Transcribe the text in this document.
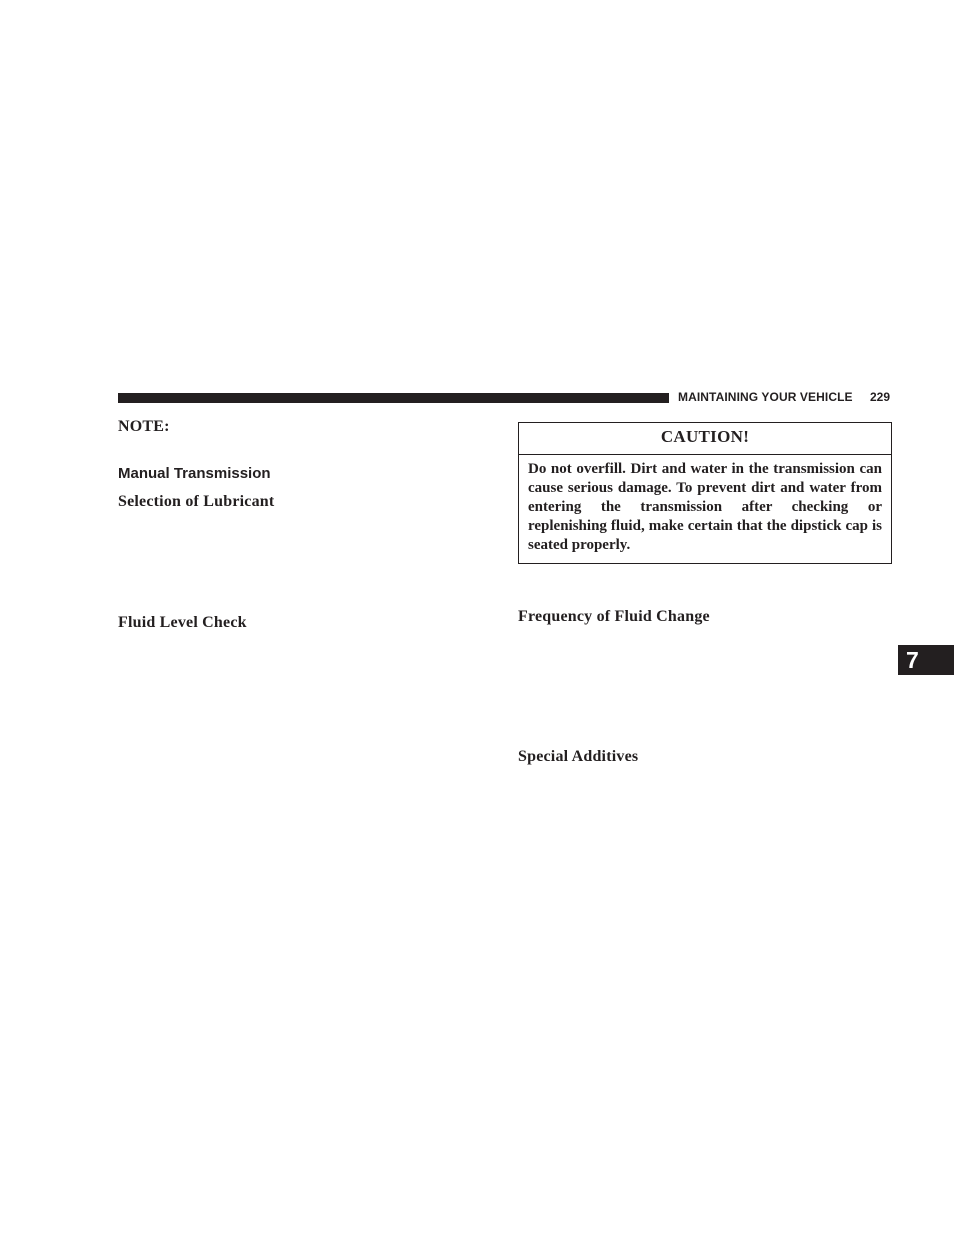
MAINTAINING YOUR VEHICLE 229
NOTE:
Manual Transmission
Selection of Lubricant
Fluid Level Check
CAUTION!
Do not overfill. Dirt and water in the transmission can cause serious damage. To prevent dirt and water from entering the transmission after checking or replenishing fluid, make certain that the dipstick cap is seated properly.
Frequency of Fluid Change
Special Additives
7
